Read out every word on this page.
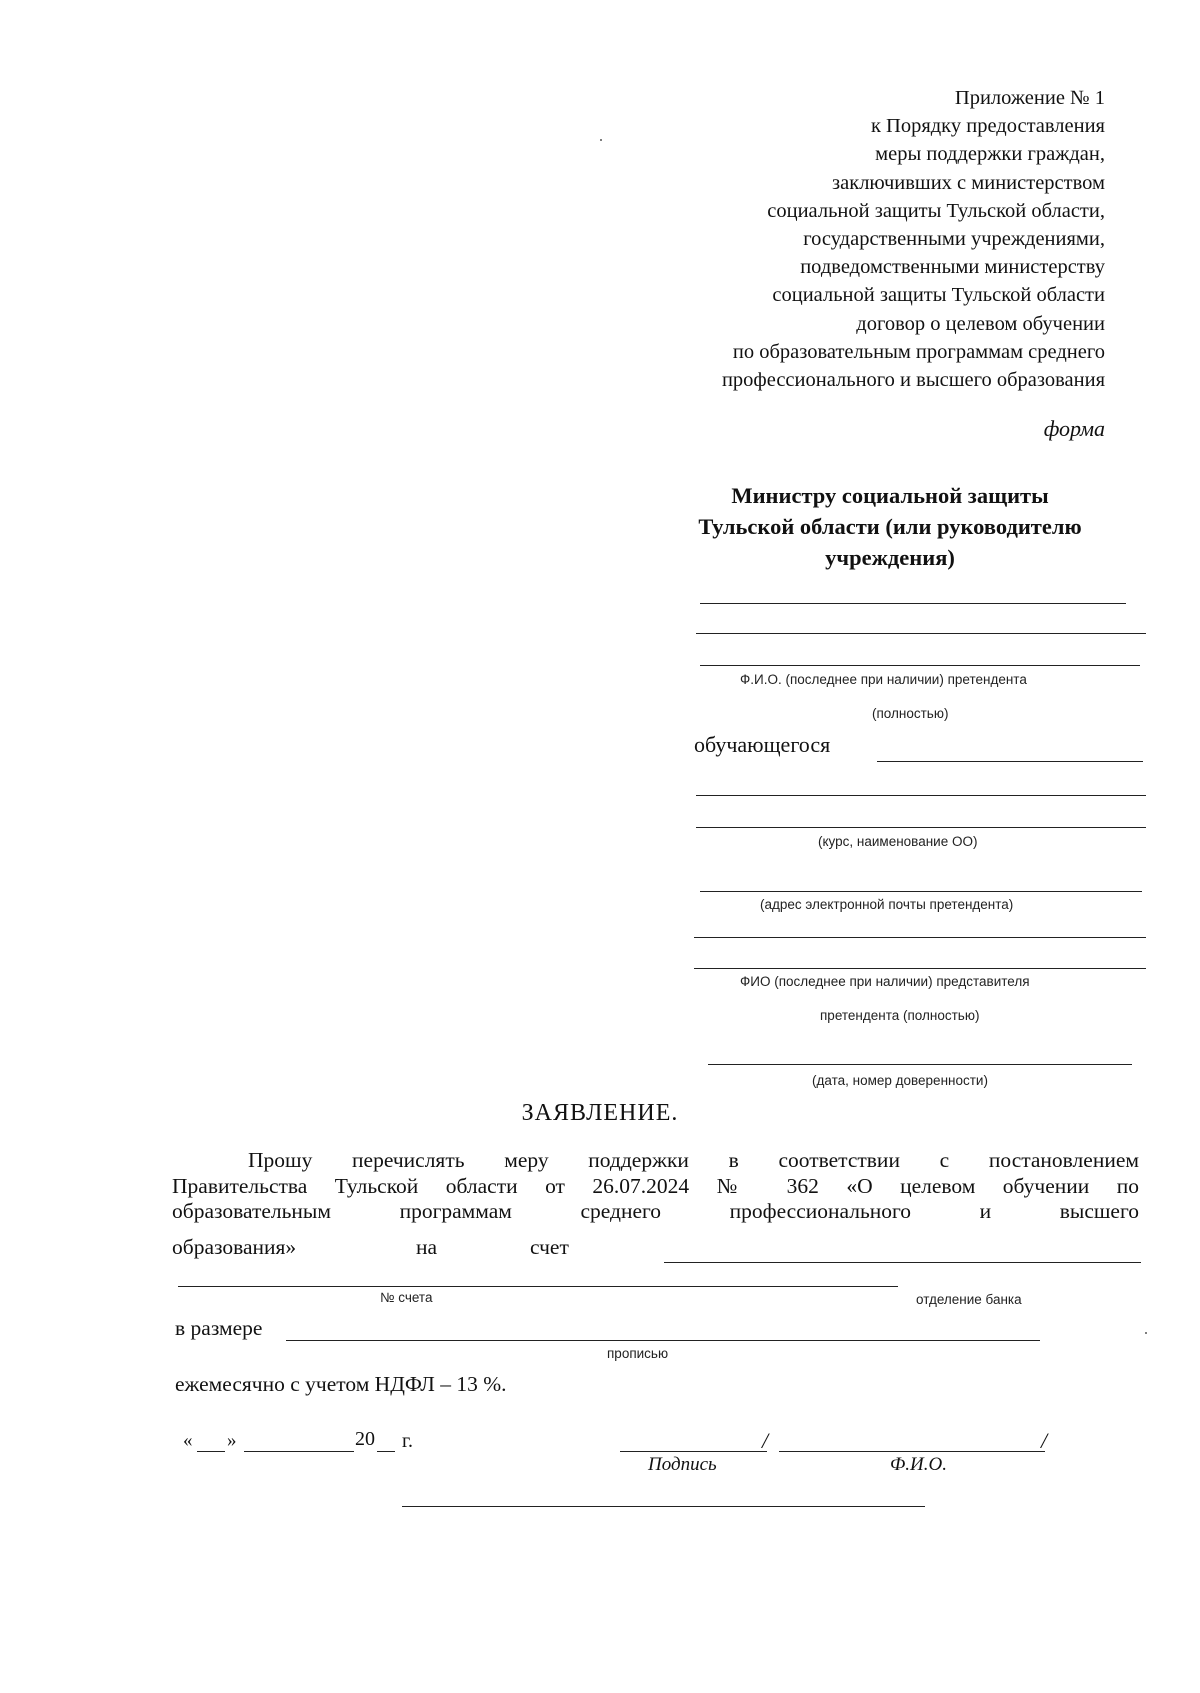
Приложение № 1
к Порядку предоставления
меры поддержки граждан,
заключивших с министерством
социальной защиты Тульской области,
государственными учреждениями,
подведомственными министерству
социальной защиты Тульской области
договор о целевом обучении
по образовательным программам среднего
профессионального и высшего образования
форма
Министру социальной защиты
Тульской области (или руководителю
учреждения)
Ф.И.О. (последнее при наличии) претендента
(полностью)
обучающегося
(курс, наименование ОО)
(адрес электронной почты претендента)
ФИО (последнее при наличии) представителя
претендента (полностью)
(дата, номер доверенности)
ЗАЯВЛЕНИЕ.
Прошу перечислять меру поддержки в соответствии с постановлением
Правительства Тульской области от 26.07.2024 № 362 «О целевом обучении по
образовательным программам среднего профессионального и высшего
образования»	на	счет
№ счета	отделение банка
в размере
прописью
ежемесячно с учетом НДФЛ – 13 %.
« »	20 г.	/	/
Подпись	Ф.И.О.
